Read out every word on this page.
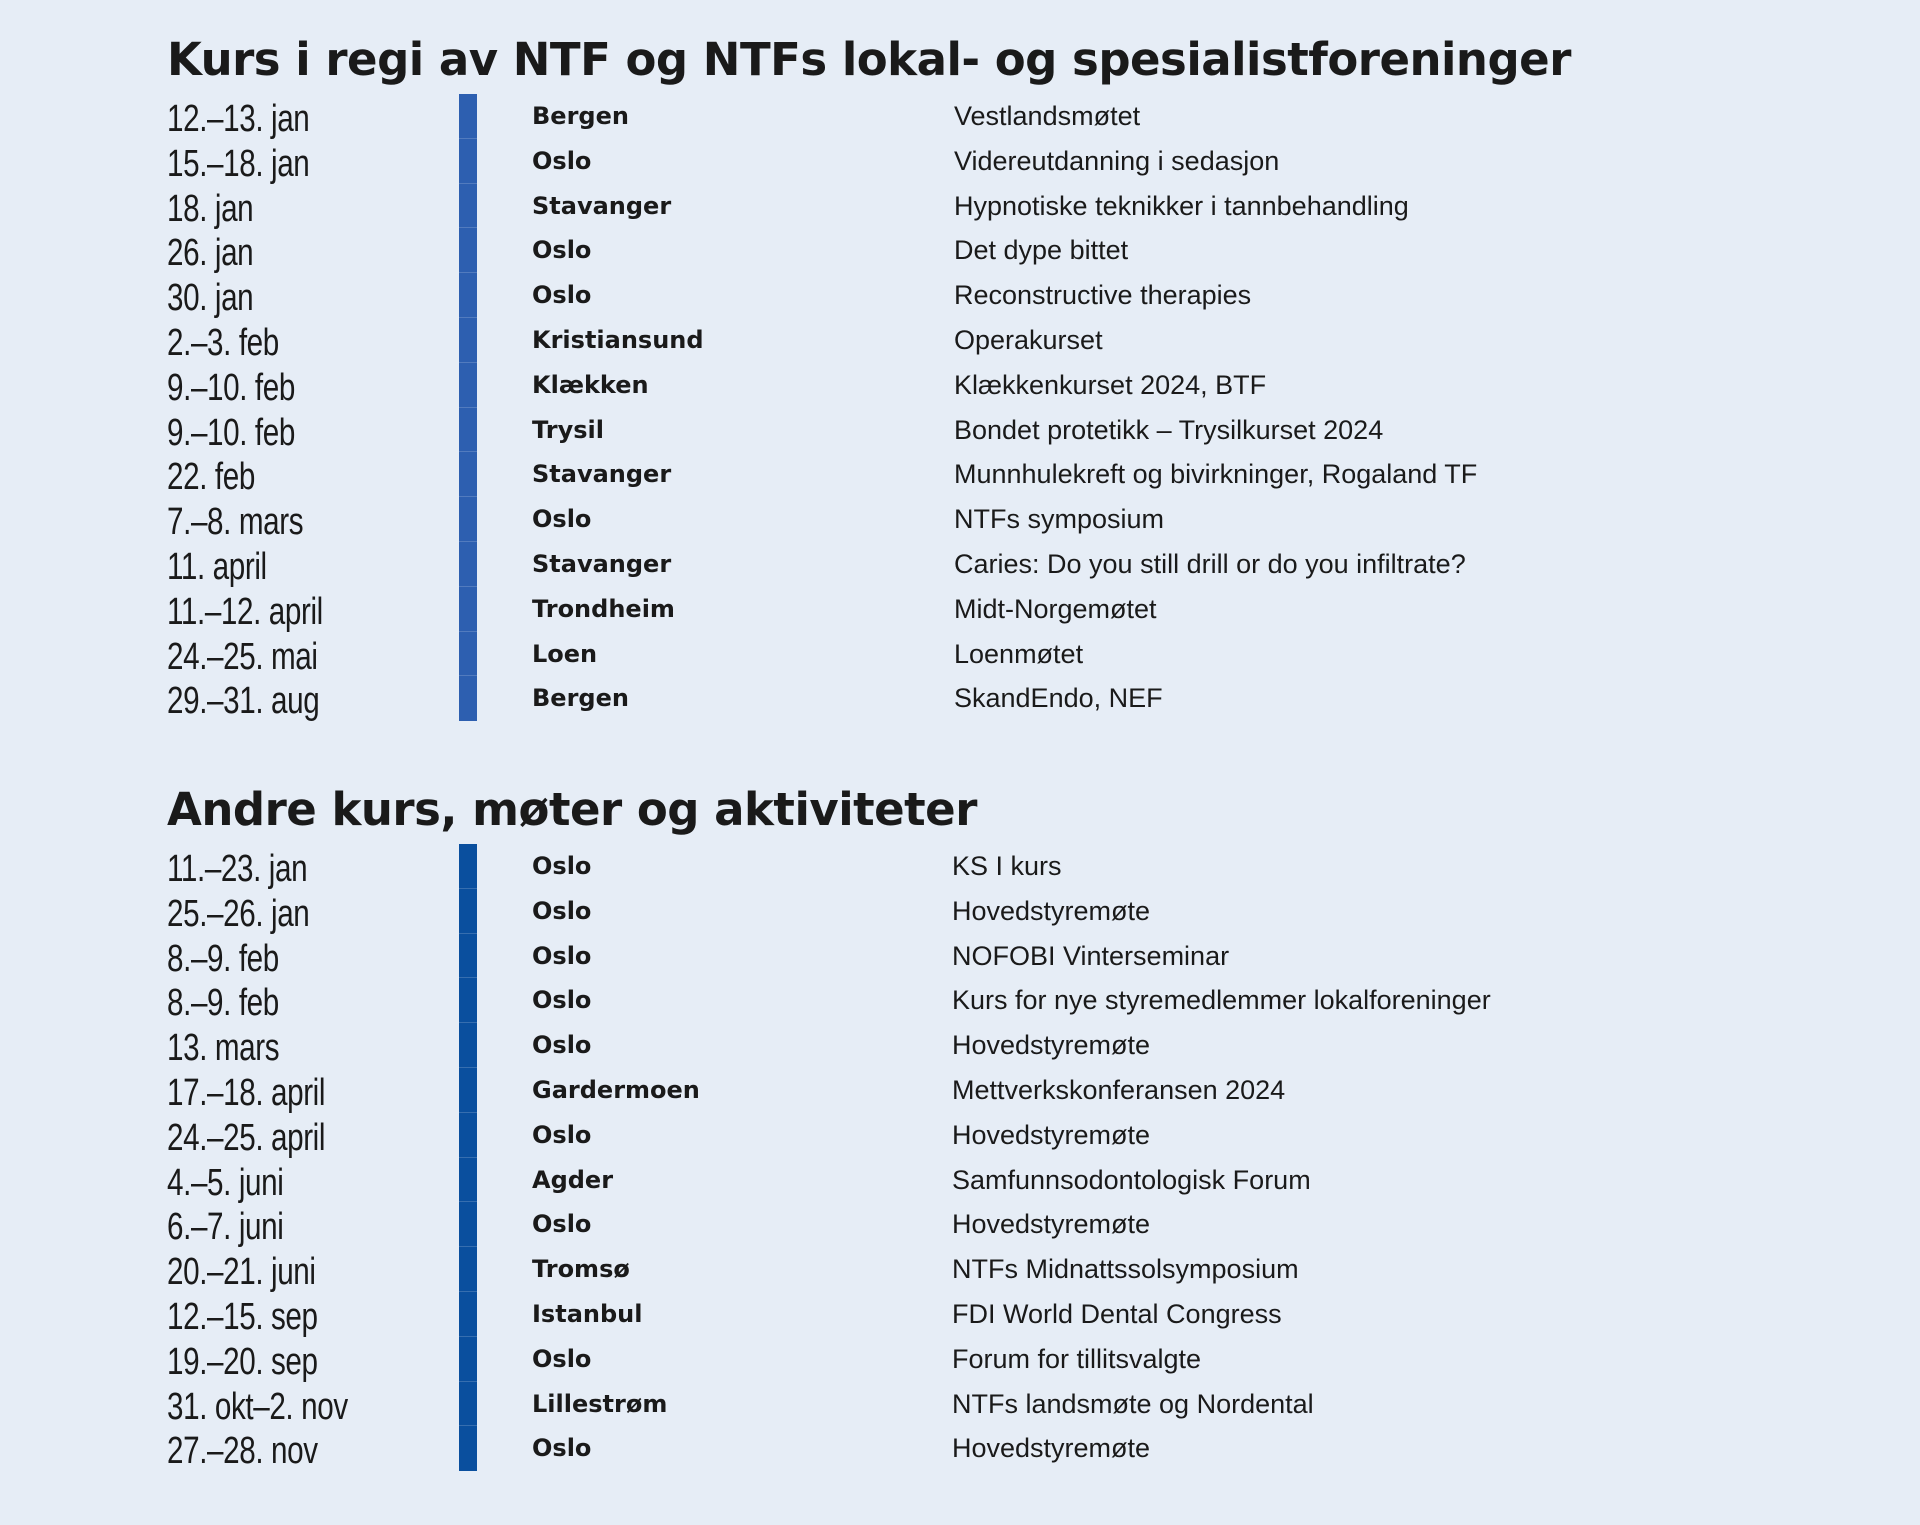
Kurs i regi av NTF og NTFs lokal- og spesialistforeninger
12.–13. jan	Bergen	Vestlandsmøtet
15.–18. jan	Oslo	Videreutdanning i sedasjon
18. jan	Stavanger	Hypnotiske teknikker i tannbehandling
26. jan	Oslo	Det dype bittet
30. jan	Oslo	Reconstructive therapies
2.–3. feb	Kristiansund	Operakurset
9.–10. feb	Klækken	Klækkenkurset 2024, BTF
9.–10. feb	Trysil	Bondet protetikk – Trysilkurset 2024
22. feb	Stavanger	Munnhulekreft og bivirkninger, Rogaland TF
7.–8. mars	Oslo	NTFs symposium
11. april	Stavanger	Caries: Do you still drill or do you infiltrate?
11.–12. april	Trondheim	Midt-Norgemøtet
24.–25. mai	Loen	Loenmøtet
29.–31. aug	Bergen	SkandEndo, NEF
Andre kurs, møter og aktiviteter
11.–23. jan	Oslo	KS I kurs
25.–26. jan	Oslo	Hovedstyremøte
8.–9. feb	Oslo	NOFOBI Vinterseminar
8.–9. feb	Oslo	Kurs for nye styremedlemmer lokalforeninger
13. mars	Oslo	Hovedstyremøte
17.–18. april	Gardermoen	Mettverkskonferansen 2024
24.–25. april	Oslo	Hovedstyremøte
4.–5. juni	Agder	Samfunnsodontologisk Forum
6.–7. juni	Oslo	Hovedstyremøte
20.–21. juni	Tromsø	NTFs Midnattssolsymposium
12.–15. sep	Istanbul	FDI World Dental Congress
19.–20. sep	Oslo	Forum for tillitsvalgte
31. okt–2. nov	Lillestrøm	NTFs landsmøte og Nordental
27.–28. nov	Oslo	Hovedstyremøte
